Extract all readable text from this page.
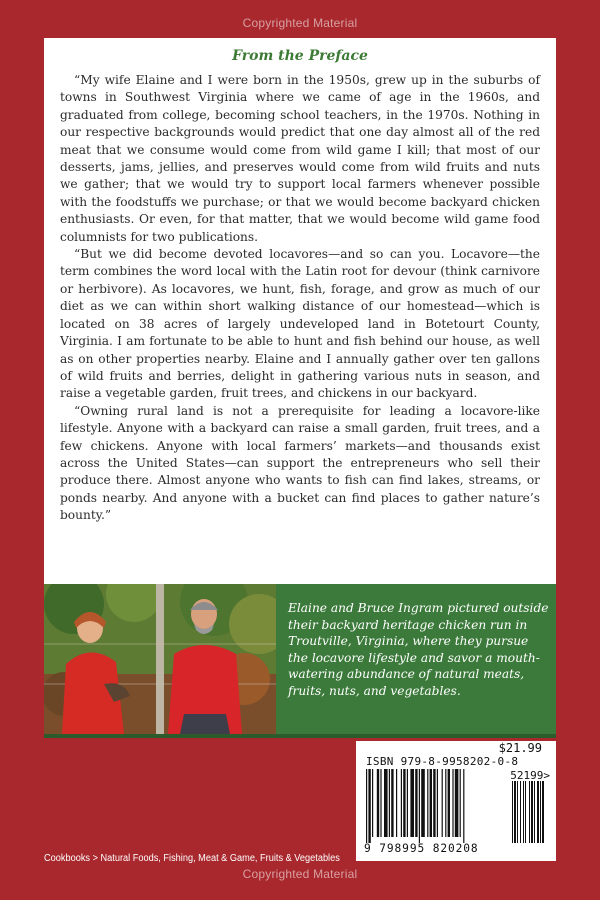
Copyrighted Material
From the Preface

“My wife Elaine and I were born in the 1950s, grew up in the suburbs of towns in Southwest Virginia where we came of age in the 1960s, and graduated from college, becoming school teachers, in the 1970s. Nothing in our respective backgrounds would predict that one day almost all of the red meat that we consume would come from wild game I kill; that most of our desserts, jams, jellies, and preserves would come from wild fruits and nuts we gather; that we would try to support local farmers whenever possible with the foodstuffs we purchase; or that we would become backyard chicken enthusiasts. Or even, for that matter, that we would become wild game food columnists for two publications.

“But we did become devoted locavores—and so can you. Locavore—the term combines the word local with the Latin root for devour (think carnivore or herbivore). As locavores, we hunt, fish, forage, and grow as much of our diet as we can within short walking distance of our homestead—which is located on 38 acres of largely undeveloped land in Botetourt County, Virginia. I am fortunate to be able to hunt and fish behind our house, as well as on other properties nearby. Elaine and I annually gather over ten gallons of wild fruits and berries, delight in gathering various nuts in season, and raise a vegetable garden, fruit trees, and chickens in our backyard.

“Owning rural land is not a prerequisite for leading a locavore-like lifestyle. Anyone with a backyard can raise a small garden, fruit trees, and a few chickens. Anyone with local farmers’ markets—and thousands exist across the United States—can support the entrepreneurs who sell their produce there. Almost anyone who wants to fish can find lakes, streams, or ponds nearby. And anyone with a bucket can find places to gather nature’s bounty.”

Elaine and Bruce Ingram pictured outside their backyard heritage chicken run in Troutville, Virginia, where they pursue the locavore lifestyle and savor a mouth-watering abundance of natural meats, fruits, nuts, and vegetables.

$21.99
ISBN 979-8-9958202-0-8
52199>
9 798995 820208
Cookbooks > Natural Foods, Fishing, Meat & Game, Fruits & Vegetables
Copyrighted Material
